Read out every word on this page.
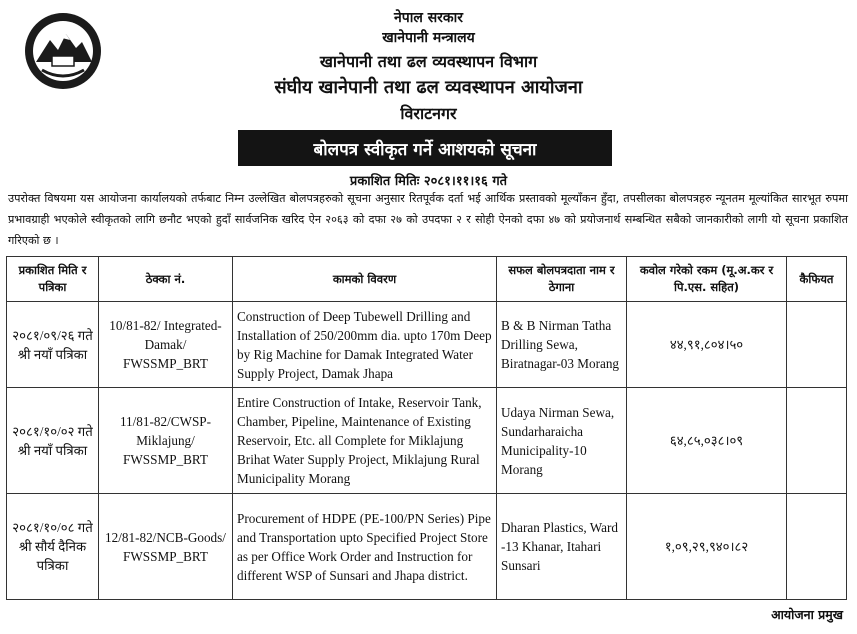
नेपाल सरकार
खानेपानी मन्त्रालय
खानेपानी तथा ढल व्यवस्थापन विभाग
संघीय खानेपानी तथा ढल व्यवस्थापन आयोजना
विराटनगर
बोलपत्र स्वीकृत गर्ने आशयको सूचना
प्रकाशित मितिः २०८१।११।१६ गते
उपरोक्त विषयमा यस आयोजना कार्यालयको तर्फबाट निम्न उल्लेखित बोलपत्रहरुको सूचना अनुसार रितपूर्वक दर्ता भई आर्थिक प्रस्तावको मूल्याँकन हुँदा, तपसीलका बोलपत्रहरु न्यूनतम मूल्यांकित सारभूत रुपमा प्रभावग्राही भएकोले स्वीकृतको लागि छनौट भएको हुदाँ सार्वजनिक खरिद ऐन २०६३ को दफा २७ को उपदफा २ र सोही ऐनको दफा ४७ को प्रयोजनार्थ सम्बन्धित सबैको जानकारीको लागी यो सूचना प्रकाशित गरिएको छ ।
प्रकाशित मिति र पत्रिका	ठेक्का नं.	कामको विवरण	सफल बोलपत्रदाता नाम र ठेगाना	कवोल गरेको रकम (मू.अ.कर र पि.एस. सहित)	कैफियत
२०८१/०९/२६ गते श्री नयाँ पत्रिका	10/81-82/ Integrated-Damak/ FWSSMP_BRT	Construction of Deep Tubewell Drilling and Installation of 250/200mm dia. upto 170m Deep by Rig Machine for Damak Integrated Water Supply Project, Damak Jhapa	B & B Nirman Tatha Drilling Sewa, Biratnagar-03 Morang	४४,९१,८०४।५०	
२०८१/१०/०२ गते श्री नयाँ पत्रिका	11/81-82/CWSP-Miklajung/ FWSSMP_BRT	Entire Construction of Intake, Reservoir Tank, Chamber, Pipeline, Maintenance of Existing Reservoir, Etc. all Complete for Miklajung Brihat Water Supply Project, Miklajung Rural Municipality Morang	Udaya Nirman Sewa, Sundarharaicha Municipality-10 Morang	६४,८५,०३८।०९	
२०८१/१०/०८ गते श्री सौर्य दैनिक पत्रिका	12/81-82/NCB-Goods/ FWSSMP_BRT	Procurement of HDPE (PE-100/PN Series) Pipe and Transportation upto Specified Project Store as per Office Work Order and Instruction for different WSP of Sunsari and Jhapa district.	Dharan Plastics, Ward -13 Khanar, Itahari Sunsari	१,०९,२९,९४०।८२	
आयोजना प्रमुख
